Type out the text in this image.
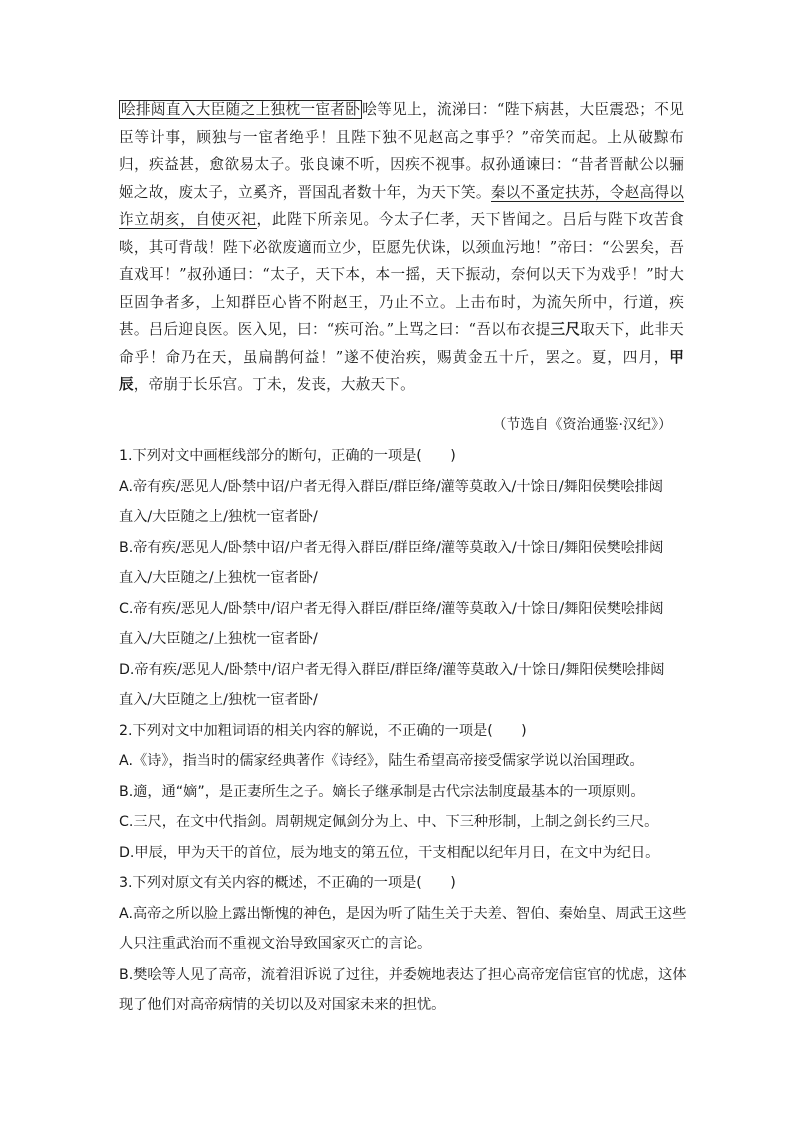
哙排闼直入大臣随之上独枕一宦者卧 哙等见上，流涕曰：“陛下病甚，大臣震恐；不见臣等计事，顾独与一宦者绝乎！且陛下独不见赵高之事乎？”帝笑而起。上从破黥布归，疾益甚，愈欲易太子。张良谏不听，因疾不视事。叔孙通谏曰：“昔者晋献公以骊姬之故，废太子，立奚齐，晋国乱者数十年，为天下笑。秦以不蚤定扶苏，令赵高得以诈立胡亥，自使灭祀，此陛下所亲见。今太子仁孝，天下皆闻之。吕后与陛下攻苦食啖，其可背哉！陛下必欲废適而立少，臣愿先伏诛，以颈血污地！”帝曰：“公罢矣，吾直戏耳！”叔孙通曰：“太子，天下本，本一摇，天下振动，奈何以天下为戏乎！”时大臣固争者多，上知群臣心皆不附赵王，乃止不立。上击布时，为流矢所中，行道，疾甚。吕后迎良医。医入见，曰：“疾可治。”上骂之曰：“吾以布衣提三尺取天下，此非天命乎！命乃在天，虽扁鹊何益！”遂不使治疾，赐黄金五十斤，罢之。夏，四月，甲辰，帝崩于长乐宫。丁未，发丧，大赦天下。
（节选自《资治通鉴·汉纪》）
1.下列对文中画框线部分的断句，正确的一项是(　　)
A.帝有疾/恶见人/卧禁中诏/户者无得入群臣/群臣绛/灌等莫敢入/十馀日/舞阳侯樊哙排闼
直入/大臣随之上/独枕一宦者卧/
B.帝有疾/恶见人/卧禁中诏/户者无得入群臣/群臣绛/灌等莫敢入/十馀日/舞阳侯樊哙排闼
直入/大臣随之/上独枕一宦者卧/
C.帝有疾/恶见人/卧禁中/诏户者无得入群臣/群臣绛/灌等莫敢入/十馀日/舞阳侯樊哙排闼
直入/大臣随之/上独枕一宦者卧/
D.帝有疾/恶见人/卧禁中/诏户者无得入群臣/群臣绛/灌等莫敢入/十馀日/舞阳侯樊哙排闼
直入/大臣随之上/独枕一宦者卧/
2.下列对文中加粗词语的相关内容的解说，不正确的一项是(　　)
A.《诗》，指当时的儒家经典著作《诗经》，陆生希望高帝接受儒家学说以治国理政。
B.適，通“嫡”，是正妻所生之子。嫡长子继承制是古代宗法制度最基本的一项原则。
C.三尺，在文中代指剑。周朝规定佩剑分为上、中、下三种形制，上制之剑长约三尺。
D.甲辰，甲为天干的首位，辰为地支的第五位，干支相配以纪年月日，在文中为纪日。
3.下列对原文有关内容的概述，不正确的一项是(　　)
A.高帝之所以脸上露出惭愧的神色，是因为听了陆生关于夫差、智伯、秦始皇、周武王这些
人只注重武治而不重视文治导致国家灭亡的言论。
B.樊哙等人见了高帝，流着泪诉说了过往，并委婉地表达了担心高帝宠信宦官的忧虑，这体
现了他们对高帝病情的关切以及对国家未来的担忧。
